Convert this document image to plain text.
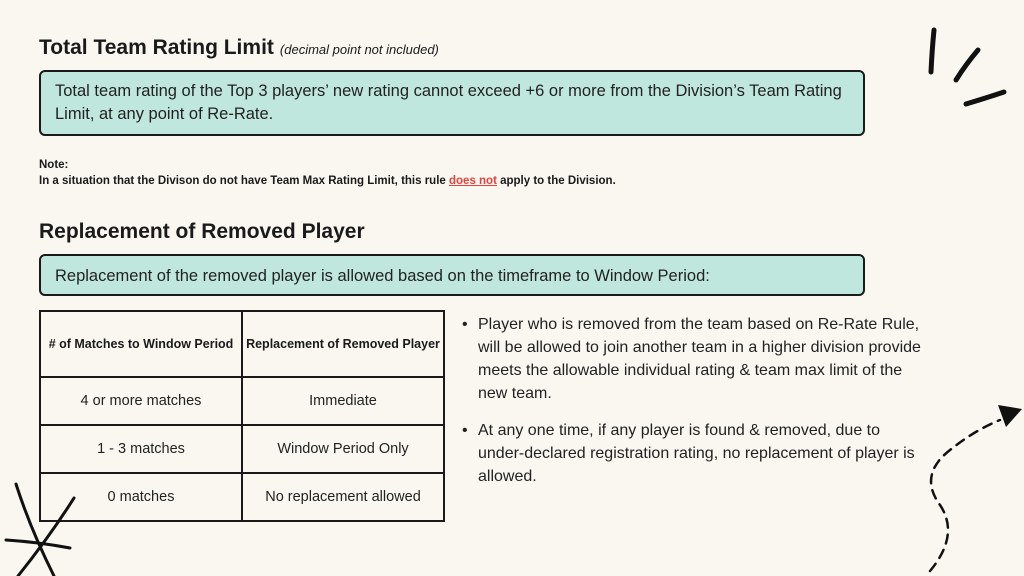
Total Team Rating Limit (decimal point not included)
Total team rating of the Top 3 players’ new rating cannot exceed +6 or more from the Division’s Team Rating Limit, at any point of Re-Rate.
Note:
In a situation that the Divison do not have Team Max Rating Limit, this rule does not apply to the Division.
Replacement of Removed Player
Replacement of the removed player is allowed based on the timeframe to Window Period:
# of Matches to Window Period	Replacement of Removed Player
4 or more matches	Immediate
1 - 3 matches	Window Period Only
0 matches	No replacement allowed
• Player who is removed from the team based on Re-Rate Rule, will be allowed to join another team in a higher division provide meets the allowable individual rating & team max limit of the new team.
• At any one time, if any player is found & removed, due to under-declared registration rating, no replacement of player is allowed.
